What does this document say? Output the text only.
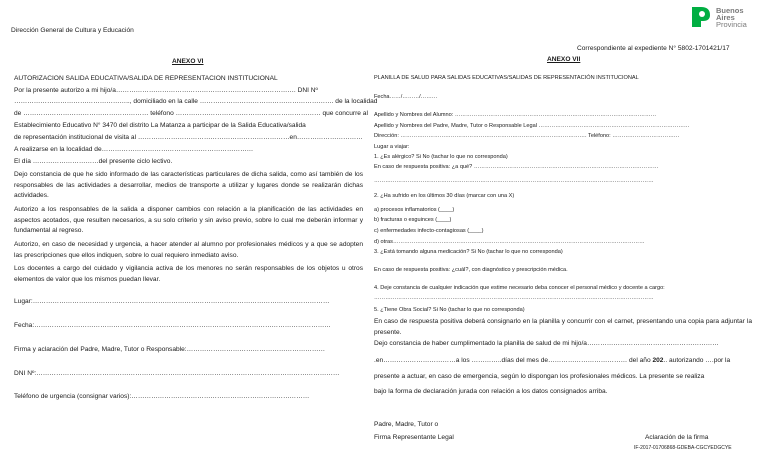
Dirección General de Cultura y Educación
Buenos
Aires
Provincia
Correspondiente al expediente N° 5802-1701421/17
ANEXO VI
AUTORIZACION SALIDA EDUCATIVA/SALIDA DE REPRESENTACION INSTITUCIONAL
Por la presente autorizo a mi hijo/a………………………………………………………………………. DNI Nº
…………………………………………….., domiciliado en la calle ……………………………………………………. de la localidad
de ………………………………………………… teléfono ………………………………………………………… que concurre al
Establecimiento Educativo N° 3470 del distrito La Matanza a participar de la Salida Educativa/salida
de representación institucional de visita al ……………………………………………………………en…………………………
A realizarse en la localidad de……………………………………………………………
El día …………………………del presente ciclo lectivo.
Dejo constancia de que he sido informado de las características particulares de dicha salida, como así también de los responsables de las actividades a desarrollar, medios de transporte a utilizar y lugares donde se realizarán dichas actividades.
Autorizo a los responsables de la salida a disponer cambios con relación a la planificación de las actividades en aspectos acotados, que resulten necesarios, a su solo criterio y sin aviso previo, sobre lo cual me deberán informar y fundamental al regreso.
Autorizo, en caso de necesidad y urgencia, a hacer atender al alumno por profesionales médicos y a que se adopten las prescripciones que ellos indiquen, sobre lo cual requiero inmediato aviso.
Los docentes a cargo del cuidado y vigilancia activa de los menores no serán responsables de los objetos u otros elementos de valor que los mismos puedan llevar.
Lugar:………………………………………………………………………………………………………………………
Fecha:………………………………………………………………………………………………………………………
Firma y aclaración del Padre, Madre, Tutor o Responsable:………………………………………………………
DNI Nº:…………………………………………………………………………………………………………………………
Teléfono de urgencia (consignar varios):………………………………………………………………………
ANEXO VII
PLANILLA DE SALUD PARA SALIDAS EDUCATIVAS/SALIDAS DE REPRESENTACIÓN INSTITUCIONAL
Fecha……/………/………
Apellido y Nombres del Alumno: ………………………………………………………………………………………………
Apellido y Nombres del Padre, Madre, Tutor o Responsable Legal ………………………………………………………………………
Dirección: ………………………………………………………………………………………. Teléfono: ………………………………
Lugar a viajar:
1. ¿Es alérgico? Si No (tachar lo que no corresponda)
En caso de respuesta positiva: ¿a qué? ………………………………………………………………………………………
……………………………………………………………………………………………………………………………………
2. ¿Ha sufrido en los últimos 30 días (marcar con una X)
a) procesos inflamatorios (____)
b) fracturas o esguinces (____)
c) enfermedades infecto-contagiosas (____)
d) otras………………………………………………………………………………………………………………………
3. ¿Está tomando alguna medicación? Si No (tachar lo que no corresponda)
En caso de respuesta positiva: ¿cuál?, con diagnóstico y prescripción médica.
4. Deje constancia de cualquier indicación que estime necesario deba conocer el personal médico y docente a cargo:
……………………………………………………………………………………………………………………………………
5. ¿Tiene Obra Social? Si No (tachar lo que no corresponda)
En caso de respuesta positiva deberá consignarlo en la planilla y concurrir con el carnet, presentando una copia para adjuntar la presente.
Dejo constancia de haber cumplimentado la planilla de salud de mi hijo/a……………………………………………………
.en……………………………a los …………..días del mes de……………………………… del año 202.. autorizando ….por la
presente a actuar, en caso de emergencia, según lo dispongan los profesionales médicos. La presente se realiza
bajo la forma de declaración jurada con relación a los datos consignados arriba.
Padre, Madre, Tutor o
Firma Representante Legal	Aclaración de la firma
IF-2017-01706868-GDEBA-CGCYEDGCYE
